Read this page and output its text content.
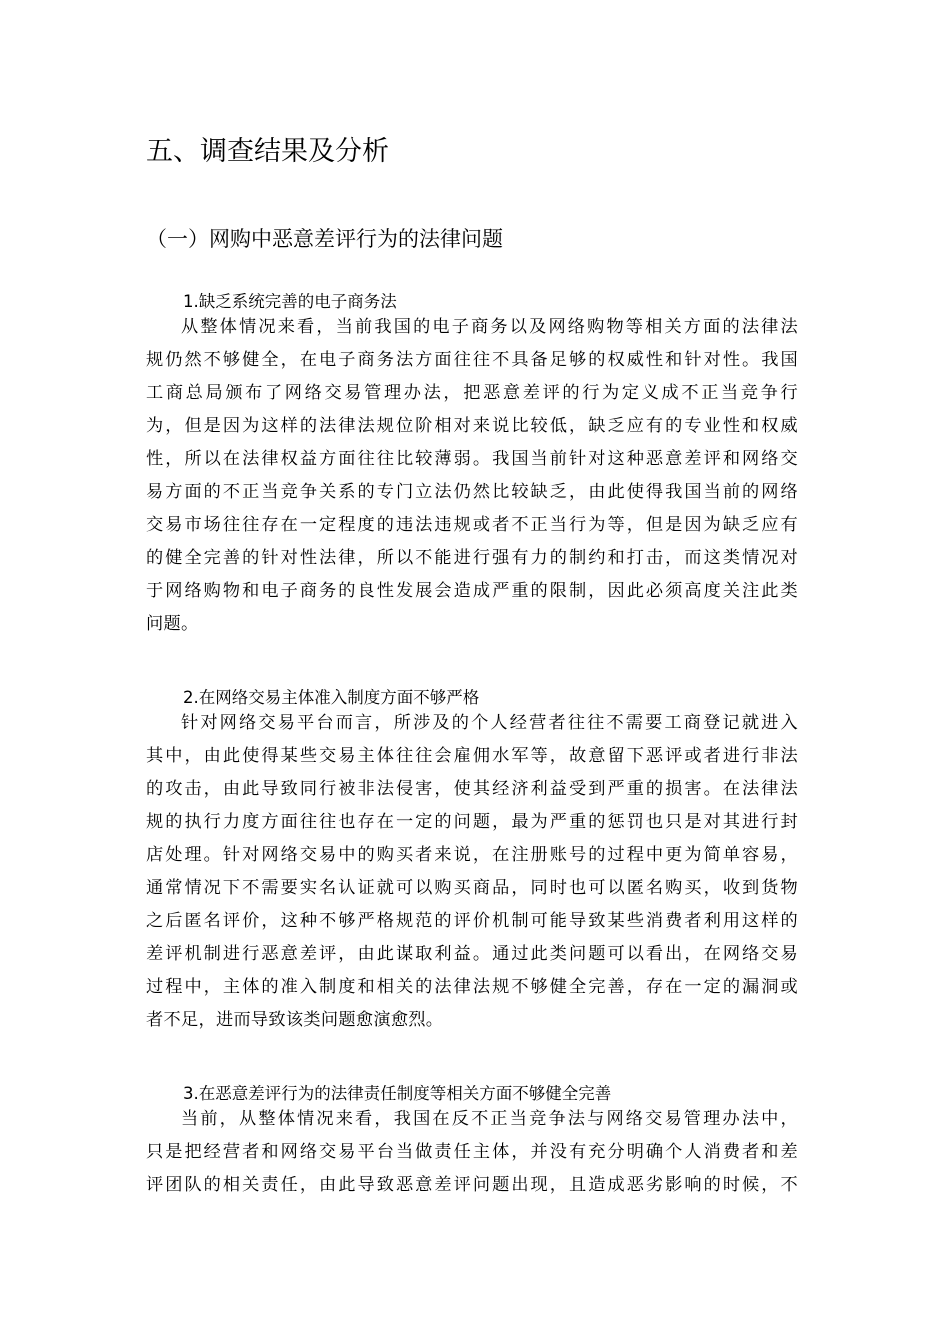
五、调查结果及分析
（一）网购中恶意差评行为的法律问题
1.缺乏系统完善的电子商务法
从整体情况来看，当前我国的电子商务以及网络购物等相关方面的法律法
规仍然不够健全，在电子商务法方面往往不具备足够的权威性和针对性。我国
工商总局颁布了网络交易管理办法，把恶意差评的行为定义成不正当竞争行
为，但是因为这样的法律法规位阶相对来说比较低，缺乏应有的专业性和权威
性，所以在法律权益方面往往比较薄弱。我国当前针对这种恶意差评和网络交
易方面的不正当竞争关系的专门立法仍然比较缺乏，由此使得我国当前的网络
交易市场往往存在一定程度的违法违规或者不正当行为等，但是因为缺乏应有
的健全完善的针对性法律，所以不能进行强有力的制约和打击，而这类情况对
于网络购物和电子商务的良性发展会造成严重的限制，因此必须高度关注此类
问题。
2.在网络交易主体准入制度方面不够严格
针对网络交易平台而言，所涉及的个人经营者往往不需要工商登记就进入
其中，由此使得某些交易主体往往会雇佣水军等，故意留下恶评或者进行非法
的攻击，由此导致同行被非法侵害，使其经济利益受到严重的损害。在法律法
规的执行力度方面往往也存在一定的问题，最为严重的惩罚也只是对其进行封
店处理。针对网络交易中的购买者来说，在注册账号的过程中更为简单容易，
通常情况下不需要实名认证就可以购买商品，同时也可以匿名购买，收到货物
之后匿名评价，这种不够严格规范的评价机制可能导致某些消费者利用这样的
差评机制进行恶意差评，由此谋取利益。通过此类问题可以看出，在网络交易
过程中，主体的准入制度和相关的法律法规不够健全完善，存在一定的漏洞或
者不足，进而导致该类问题愈演愈烈。
3.在恶意差评行为的法律责任制度等相关方面不够健全完善
当前，从整体情况来看，我国在反不正当竞争法与网络交易管理办法中，
只是把经营者和网络交易平台当做责任主体，并没有充分明确个人消费者和差
评团队的相关责任，由此导致恶意差评问题出现，且造成恶劣影响的时候，不
